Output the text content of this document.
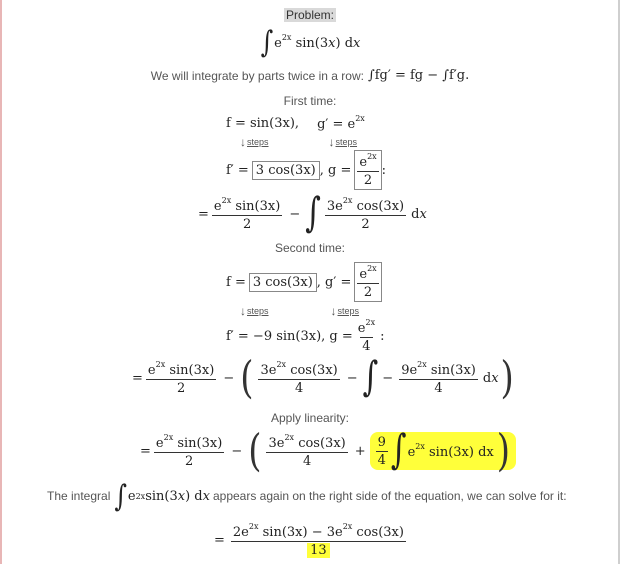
Problem:
∫ $e^{2x}$ sin(3x) dx
We will integrate by parts twice in a row: ∫fg′ = fg − ∫f′g.
First time:
f = sin(3x), $g' = e^{2x}$
↓ steps	↓ steps
f′ = 3 cos(3x) , $g = \frac{e^{2x}}{2}$ :
= $\frac{e^{2x} \sin(3x)}{2}$ − ∫ $\frac{3e^{2x} \cos(3x)}{2}$ dx
Second time:
f = 3 cos(3x) , $g' = \frac{e^{2x}}{2}$
↓ steps	↓ steps
f′ = −9 sin(3x), $g = \frac{e^{2x}}{4}$ :
= $\frac{e^{2x} \sin(3x)}{2}$ − ( $\frac{3e^{2x} \cos(3x)}{4}$ − ∫ − $\frac{9e^{2x} \sin(3x)}{4}$ dx )
Apply linearity:
= $\frac{e^{2x} \sin(3x)}{2}$ − ( $\frac{3e^{2x} \cos(3x)}{4} + \frac{9}{4}$ ∫ $e^{2x}$ sin(3x) dx )
The integral ∫ e 2x sin(3 x ) d x appears again on the right side of the equation, we can solve for it:
= $\frac{2e^{2x} \sin(3x) - 3e^{2x} \cos(3x)}{13}$
